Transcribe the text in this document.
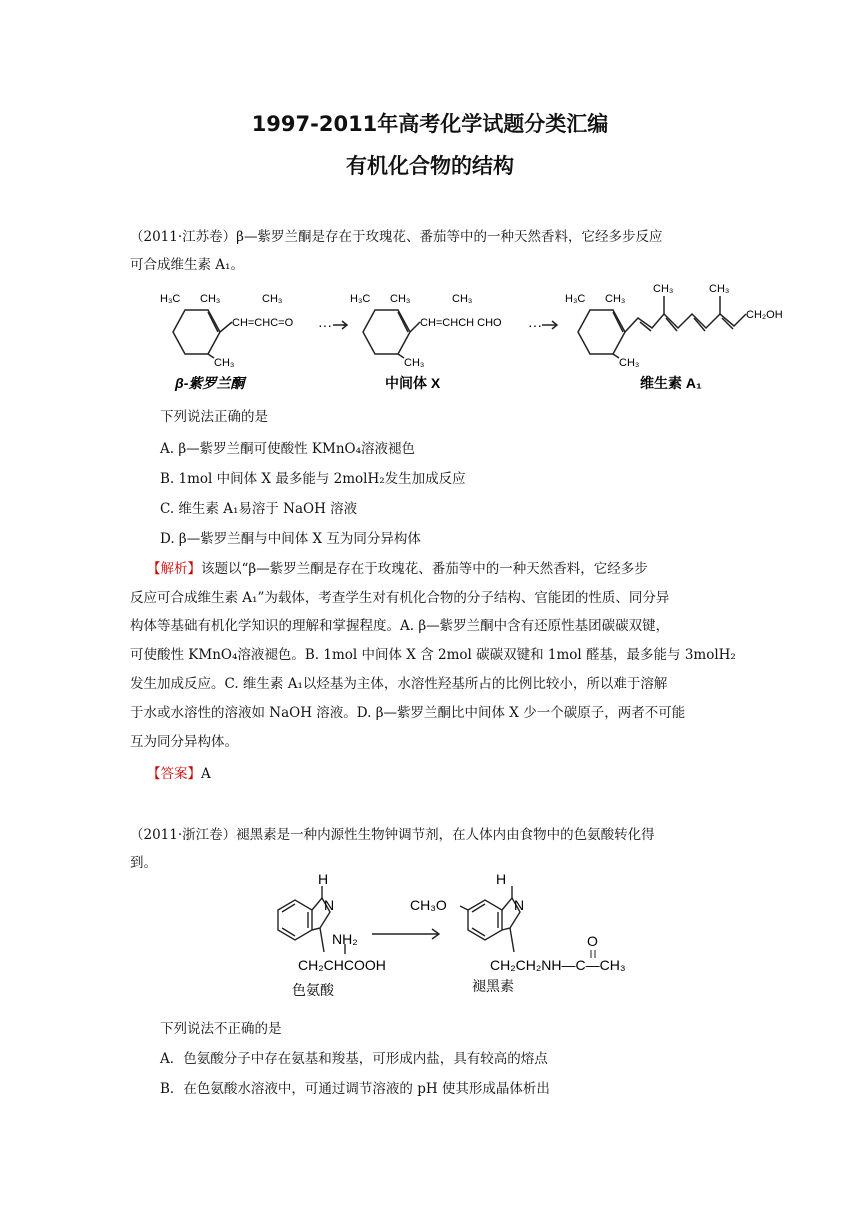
1997-2011年高考化学试题分类汇编
有机化合物的结构
（2011·江苏卷）β—紫罗兰酮是存在于玫瑰花、番茄等中的一种天然香料，它经多步反应
可合成维生素 A₁。
H₃C CH₃
CH=CHC=O
CH₃
CH₃
···
H₃C CH₃
CH=CHCH CHO
CH₃
CH₃
···
H₃C CH₃
CH₃	CH₃
CH₂OH
CH₃
β-紫罗兰酮	中间体 X	维生素 A₁
下列说法正确的是
A. β—紫罗兰酮可使酸性 KMnO₄溶液褪色
B. 1mol 中间体 X 最多能与 2molH₂发生加成反应
C. 维生素 A₁易溶于 NaOH 溶液
D. β—紫罗兰酮与中间体 X 互为同分异构体
【解析】该题以“β—紫罗兰酮是存在于玫瑰花、番茄等中的一种天然香料，它经多步
反应可合成维生素 A₁”为载体，考查学生对有机化合物的分子结构、官能团的性质、同分异
构体等基础有机化学知识的理解和掌握程度。A. β—紫罗兰酮中含有还原性基团碳碳双键，
可使酸性 KMnO₄溶液褪色。B. 1mol 中间体 X 含 2mol 碳碳双键和 1mol 醛基，最多能与 3molH₂
发生加成反应。C. 维生素 A₁以烃基为主体，水溶性羟基所占的比例比较小，所以难于溶解
于水或水溶性的溶液如 NaOH 溶液。D. β—紫罗兰酮比中间体 X 少一个碳原子，两者不可能
互为同分异构体。
【答案】A
（2011·浙江卷）褪黑素是一种内源性生物钟调节剂，在人体内由食物中的色氨酸转化得
到。
H
N
NH₂
CH₂CHCOOH
色氨酸
CH₃O
H
N
O
CH₂CH₂NH—C—CH₃
褪黑素
下列说法不正确的是
A．色氨酸分子中存在氨基和羧基，可形成内盐，具有较高的熔点
B．在色氨酸水溶液中，可通过调节溶液的 pH 使其形成晶体析出
